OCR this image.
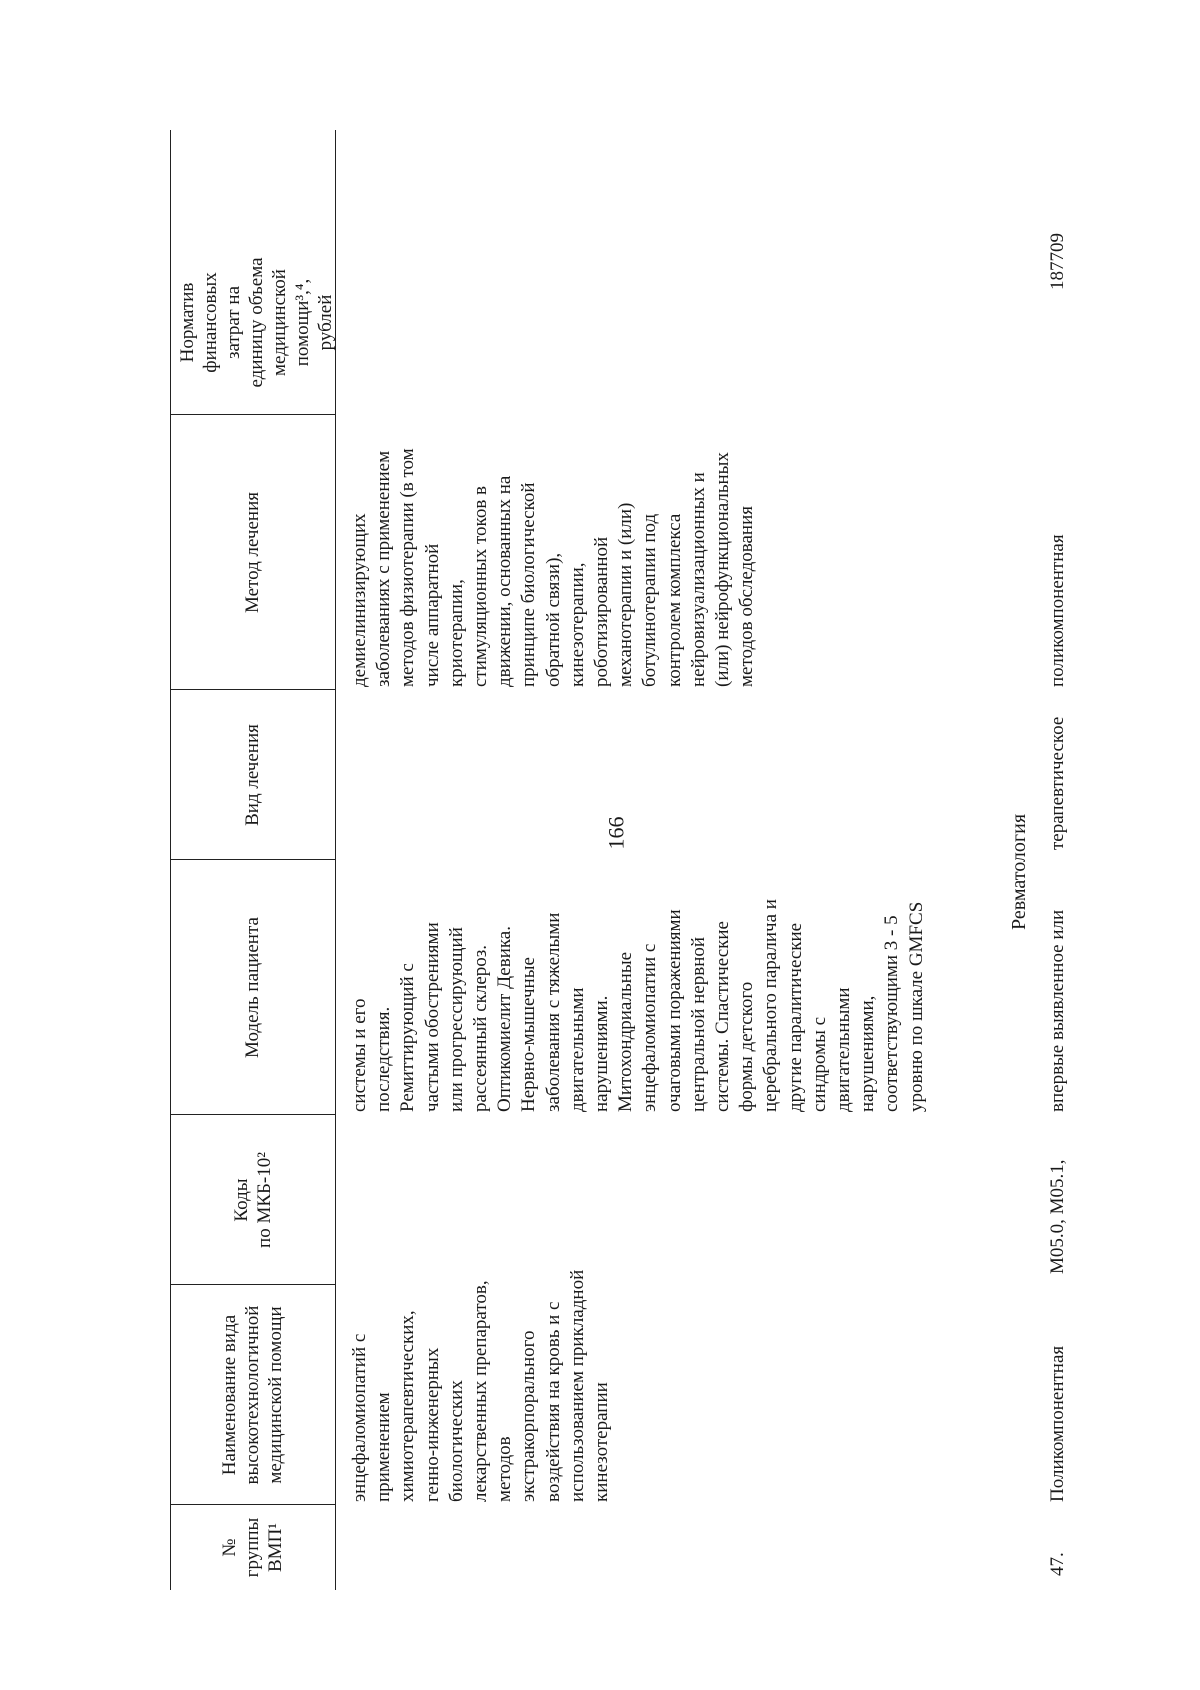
166
№
группы
ВМП¹
Наименование вида
высокотехнологичной
медицинской помощи
Коды
по МКБ-10²
Модель пациента
Вид лечения
Метод лечения
Норматив
финансовых
затрат на
единицу объема
медицинской
помощи³,⁴,
рублей
энцефаломиопатий с
применением
химиотерапевтических,
генно-инженерных
биологических
лекарственных препаратов,
методов
экстракорпорального
воздействия на кровь и с
использованием прикладной
кинезотерапии
системы и его
последствия.
Ремиттирующий с
частыми обострениями
или прогрессирующий
рассеянный склероз.
Оптикомиелит Девика.
Нервно-мышечные
заболевания с тяжелыми
двигательными
нарушениями.
Митохондриальные
энцефаломиопатии с
очаговыми поражениями
центральной нервной
системы. Спастические
формы детского
церебрального паралича и
другие паралитические
синдромы с
двигательными
нарушениями,
соответствующими 3 - 5
уровню по шкале GMFCS
демиелинизирующих
заболеваниях с применением
методов физиотерапии (в том
числе аппаратной
криотерапии,
стимуляционных токов в
движении, основанных на
принципе биологической
обратной связи),
кинезотерапии,
роботизированной
механотерапии и (или)
ботулинотерапии под
контролем комплекса
нейровизуализационных и
(или) нейрофункциональных
методов обследования
Ревматология
47.
Поликомпонентная
M05.0, M05.1,
впервые выявленное или
терапевтическое
поликомпонентная
187709
